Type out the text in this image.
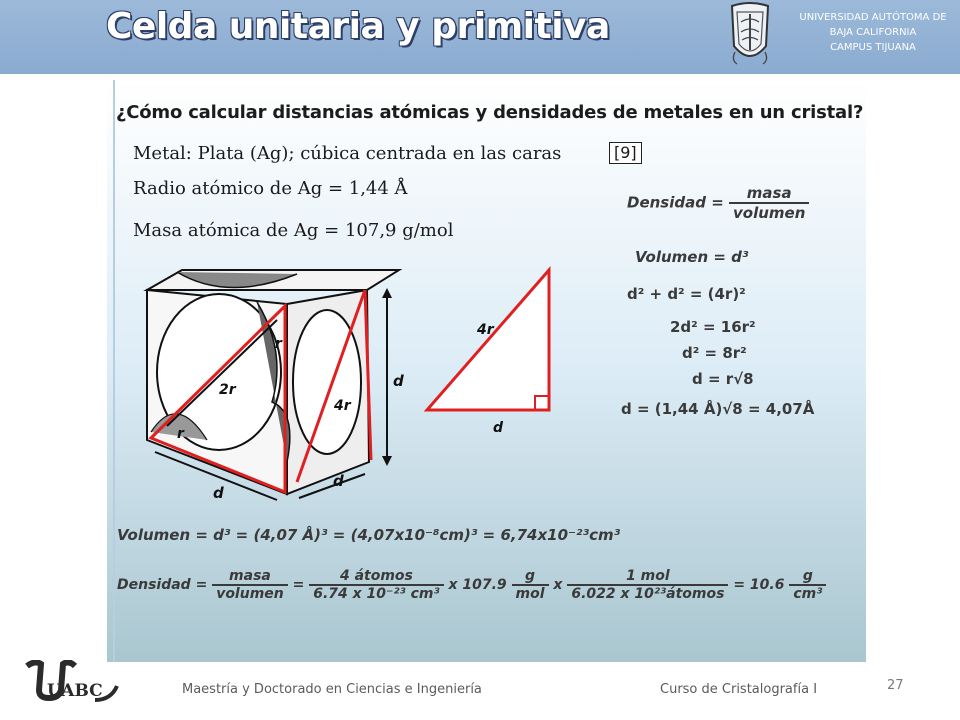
Celda unitaria y primitiva	UNIVERSIDAD AUTÓTOMA DE
BAJA CALIFORNIA
CAMPUS TIJUANA
¿Cómo calcular distancias atómicas y densidades de metales en un cristal?
Metal: Plata (Ag); cúbica centrada en las caras	[9]
Radio atómico de Ag = 1,44 Å
Masa atómica de Ag = 107,9 g/mol
Densidad = $\frac{\text{masa}}{\text{volumen}}$
Volumen = d³
d² + d² = (4r)²
2d² = 16r²
d² = 8r²
d = r√8
d = (1,44 Å)√8 = 4,07Å
r
2r
r
4r
d
d
d
4r
d
Volumen = d³ = (4,07 Å)³ = (4,07x10⁻⁸cm)³ = 6,74x10⁻²³cm³
Densidad = $\frac{\text{masa}}{\text{volumen}} = \frac{\text{4 átomos}}{\text{6.74 x 10⁻²³ cm³}}$ x $107.9 \frac{g}{\text{mol}}$ x $\frac{\text{1 mol}}{\text{6.022 x 10²³átomos}} = 10.6 \frac{g}{\text{cm³}}$
UABC	Maestría y Doctorado en Ciencias e Ingeniería	Curso de Cristalografía I	27
